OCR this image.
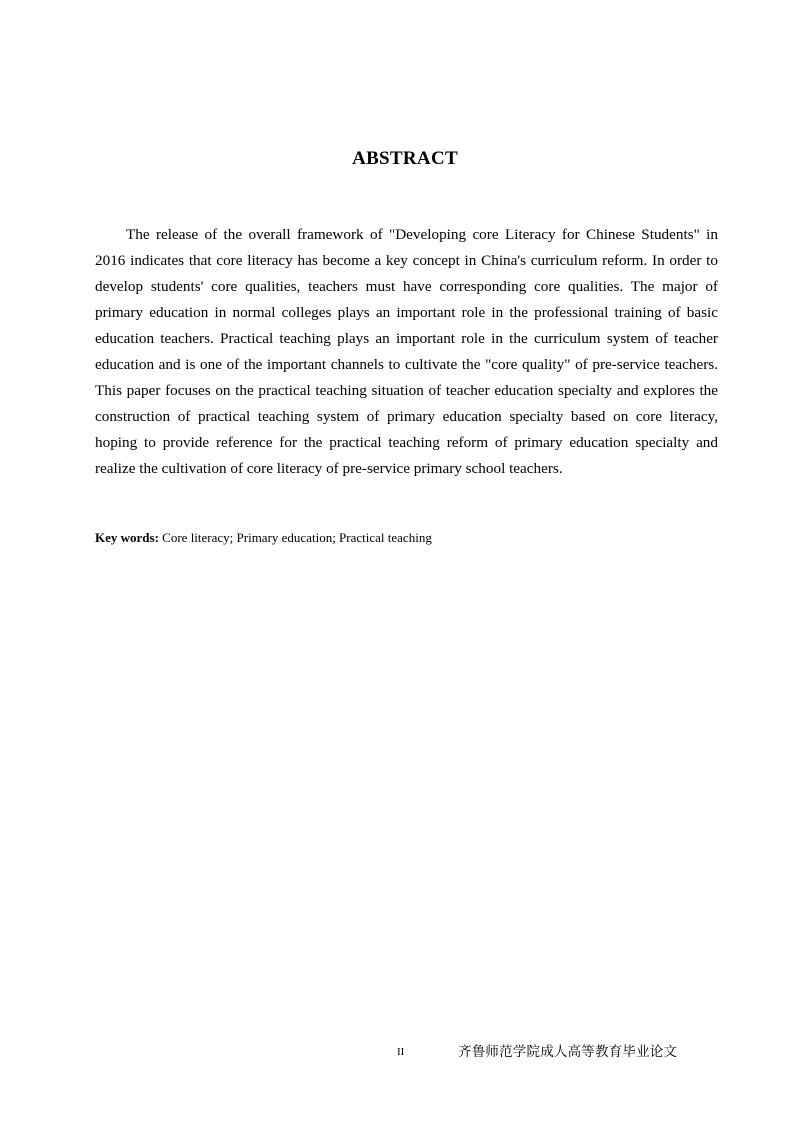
ABSTRACT

The release of the overall framework of "Developing core Literacy for Chinese Students" in 2016 indicates that core literacy has become a key concept in China's curriculum reform. In order to develop students' core qualities, teachers must have corresponding core qualities. The major of primary education in normal colleges plays an important role in the professional training of basic education teachers. Practical teaching plays an important role in the curriculum system of teacher education and is one of the important channels to cultivate the "core quality" of pre-service teachers. This paper focuses on the practical teaching situation of teacher education specialty and explores the construction of practical teaching system of primary education specialty based on core literacy, hoping to provide reference for the practical teaching reform of primary education specialty and realize the cultivation of core literacy of pre-service primary school teachers.

Key words: Core literacy; Primary education; Practical teaching
II	齐鲁师范学院成人高等教育毕业论文
